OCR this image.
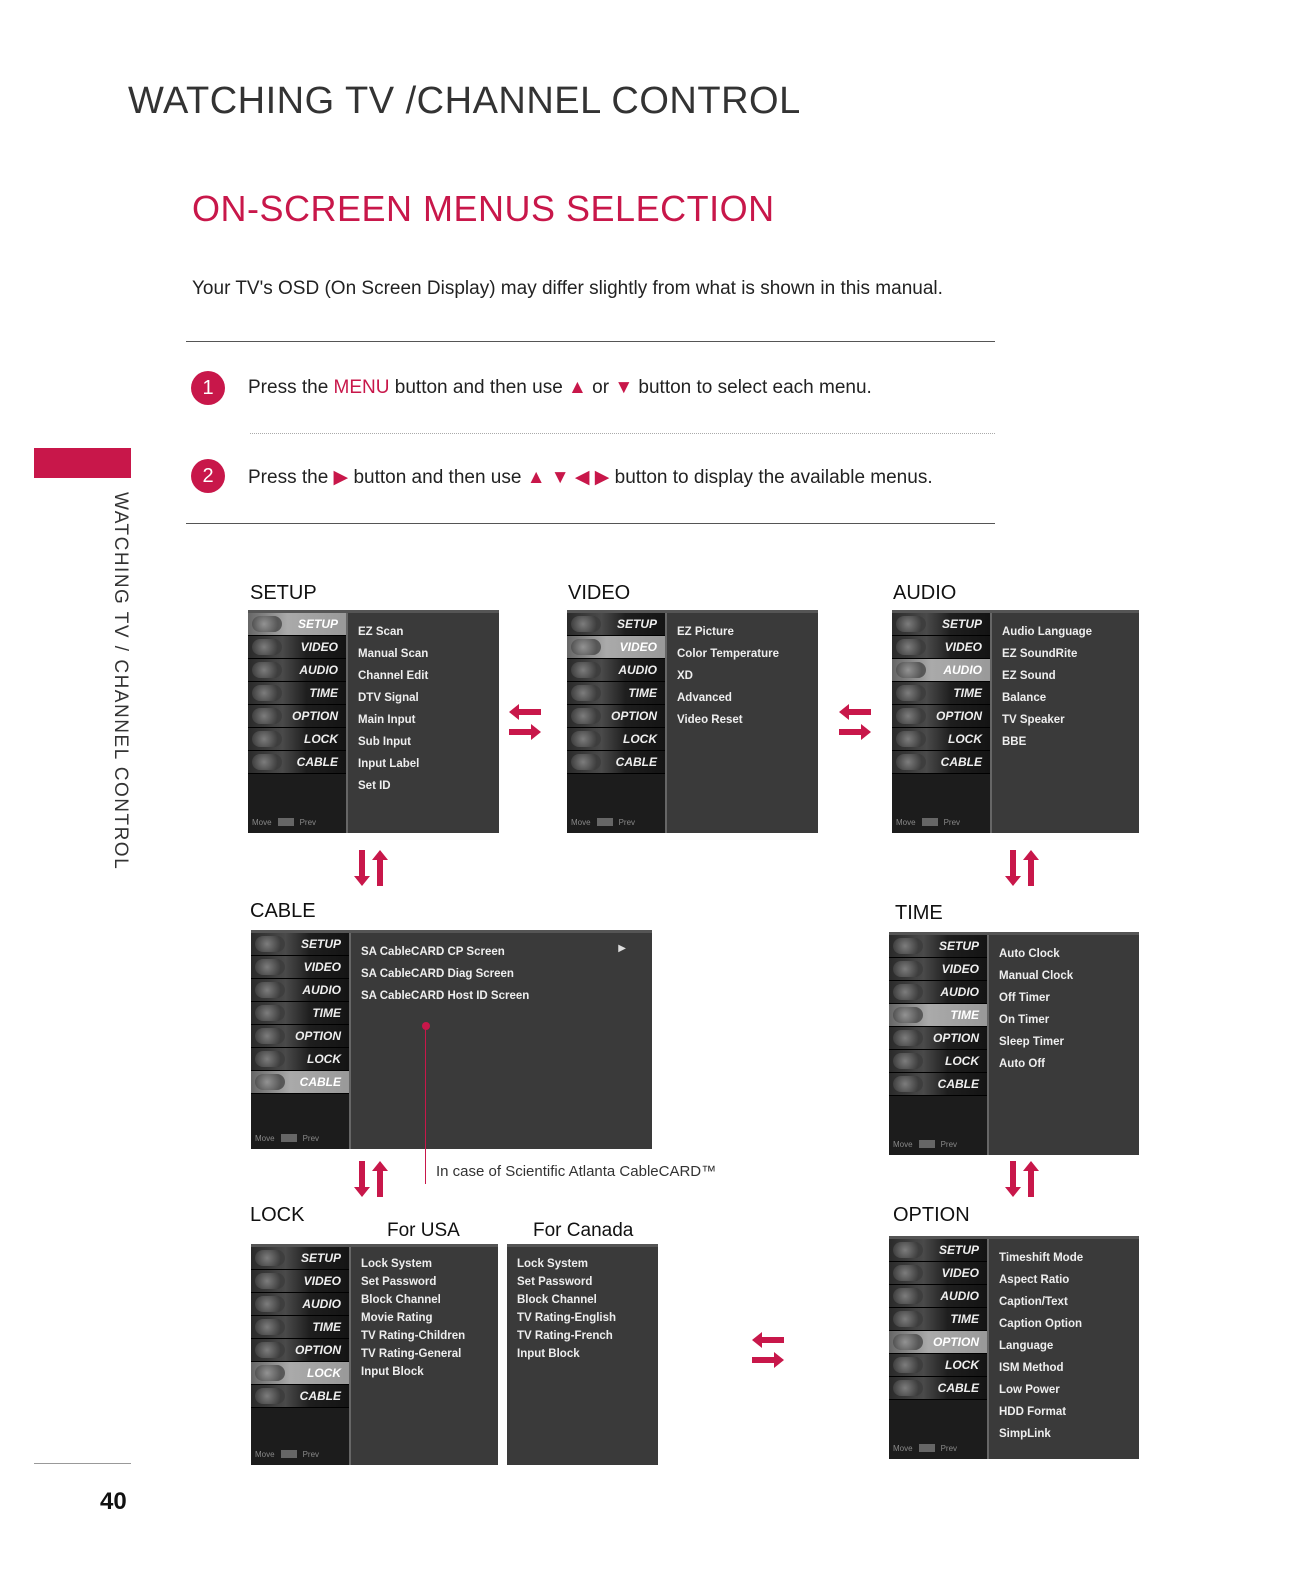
WATCHING TV /CHANNEL CONTROL
ON-SCREEN MENUS SELECTION
Your TV's OSD (On Screen Display) may differ slightly from what is shown in this manual.
1	Press the MENU button and then use ▲ or ▼ button to select each menu.
2	Press the ▶ button and then use ▲ ▼ ◀ ▶ button to display the available menus.
WATCHING TV / CHANNEL CONTROL
40
SETUP	VIDEO	AUDIO
CABLE	TIME
LOCK	OPTION
SETUP
VIDEO
AUDIO
TIME
OPTION
LOCK
CABLE
Move	Prev
EZ Scan
Manual Scan
Channel Edit
DTV Signal
Main Input
Sub Input
Input Label
Set ID
SETUP
VIDEO
AUDIO
TIME
OPTION
LOCK
CABLE
Move	Prev
EZ Picture
Color Temperature
XD
Advanced
Video Reset
SETUP
VIDEO
AUDIO
TIME
OPTION
LOCK
CABLE
Move	Prev
Audio Language
EZ SoundRite
EZ Sound
Balance
TV Speaker
BBE
SETUP
VIDEO
AUDIO
TIME
OPTION
LOCK
CABLE
Move	Prev
SA CableCARD CP Screen
SA CableCARD Diag Screen
SA CableCARD Host ID Screen
▶
In case of Scientific Atlanta CableCARD™
SETUP
VIDEO
AUDIO
TIME
OPTION
LOCK
CABLE
Move	Prev
Auto Clock
Manual Clock
Off Timer
On Timer
Sleep Timer
Auto Off
For USA	For Canada
SETUP
VIDEO
AUDIO
TIME
OPTION
LOCK
CABLE
Move	Prev
Lock System
Set Password
Block Channel
Movie Rating
TV Rating-Children
TV Rating-General
Input Block
Lock System
Set Password
Block Channel
TV Rating-English
TV Rating-French
Input Block
SETUP
VIDEO
AUDIO
TIME
OPTION
LOCK
CABLE
Move	Prev
Timeshift Mode
Aspect Ratio
Caption/Text
Caption Option
Language
ISM Method
Low Power
HDD Format
SimpLink
